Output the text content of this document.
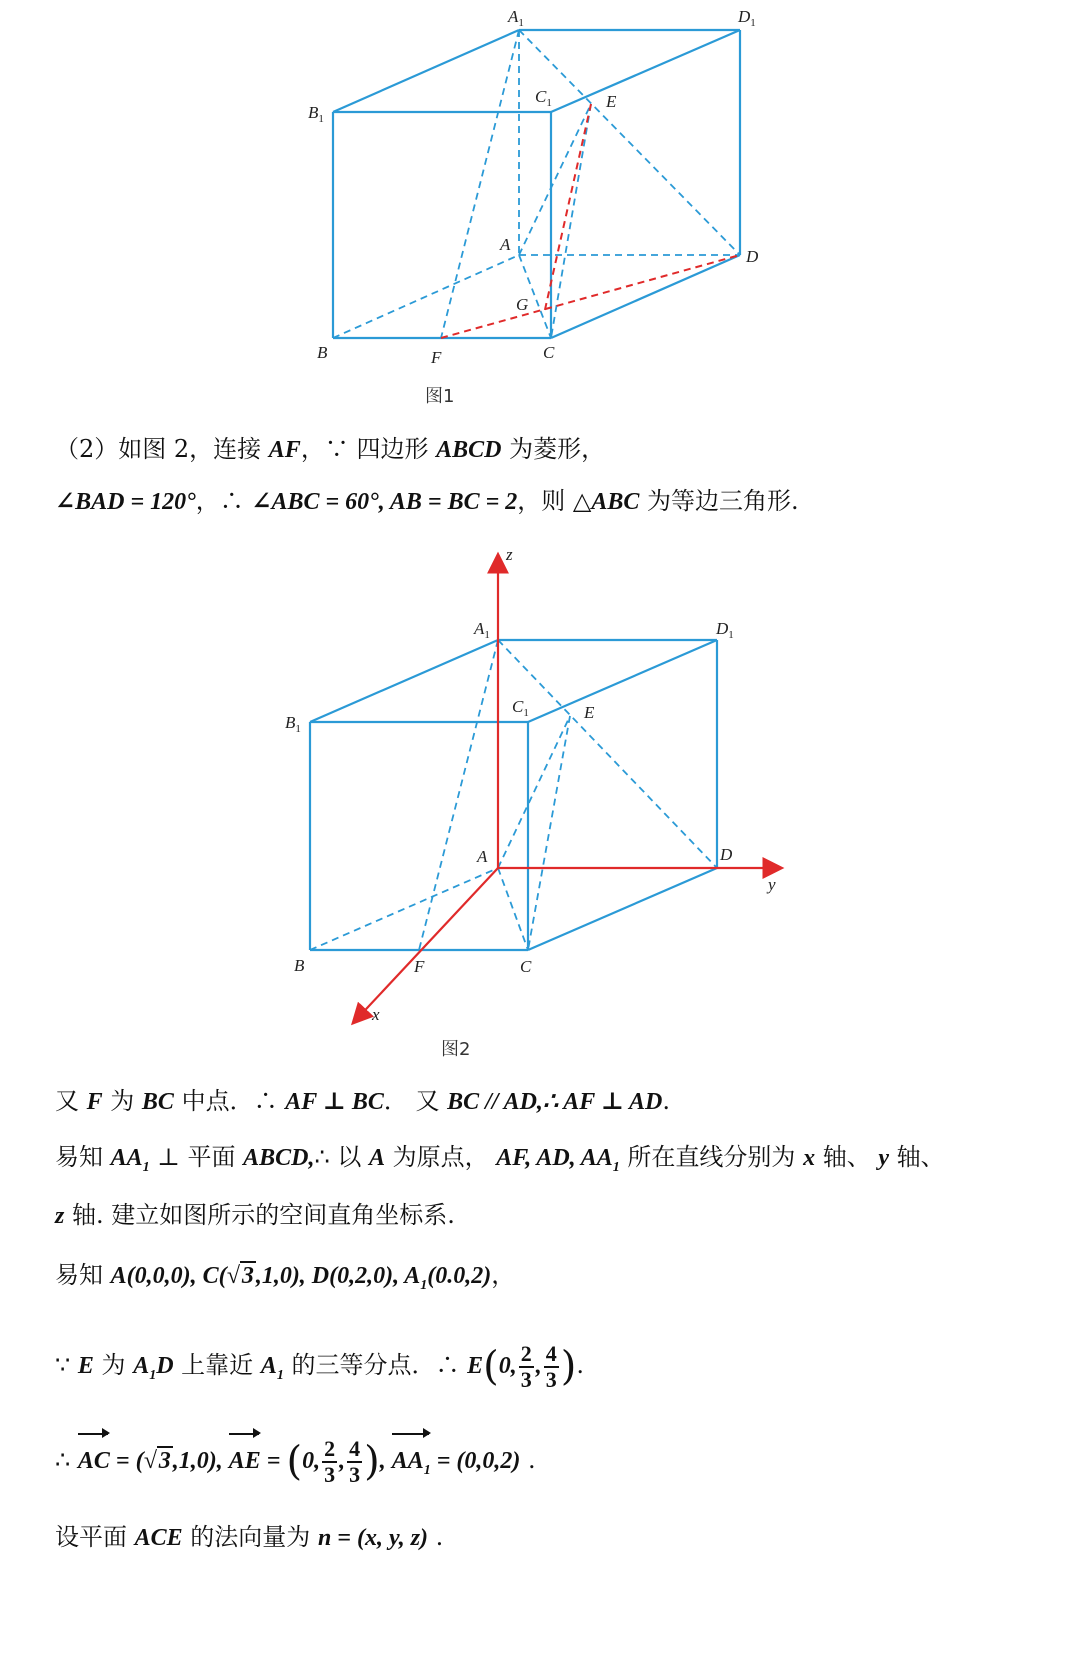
$A_1$	$D_1$
$B_1$
$C_1$	E
A
D
G
B	F	C
图1
（2）如图 2，连接 AF，∵ 四边形 ABCD 为菱形，
∠BAD = 120°，∴ ∠ABC = 60°, AB = BC = 2，则 △ABC 为等边三角形.
z
y
x
$A_1$	$D_1$
$B_1$
$C_1$	E
A	D
B	F	C
图2
又 F 为 BC 中点．∴ AF ⊥ BC． 又 BC // AD,∴ AF ⊥ AD.
易知 $AA_1$ ⊥ 平面 ABCD,∴ 以 A 为原点， AF, AD, $AA_1$ 所在直线分别为 x 轴、 y 轴、
z 轴. 建立如图所示的空间直角坐标系.
易知 A(0,0,0), C(√3,1,0), D(0,2,0), $A_1(0.0,2)$，
∵ E 为 $A_1D$ 上靠近 $A_1$ 的三等分点．∴ E(0, $\frac{2}{3}$ , $\frac{4}{3}$ ).
∴ AC = (√3,1,0), AE = (0, $\frac{2}{3}$ , $\frac{4}{3}$ ), $AA_1 = (0,0,2)$ .
设平面 ACE 的法向量为 n = (x, y, z) .
